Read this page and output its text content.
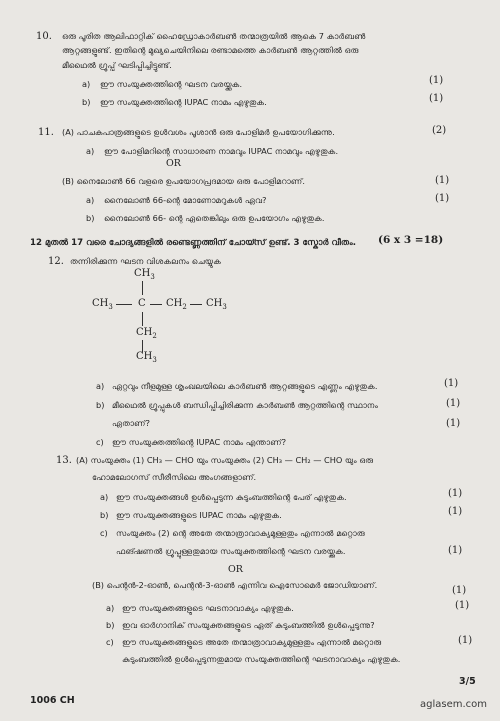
10. ഒരു പൂരിത ആലിഫാറ്റിക് ഹൈഡ്രോകാർബൺ തന്മാത്രയിൽ ആകെ 7 കാർബൺ
ആറ്റങ്ങളുണ്ട്. ഇതിന്റെ മുഖ്യചെയിനിലെ രണ്ടാമത്തെ കാർബൺ ആറ്റത്തിൽ ഒരു
മീഥൈൽ ഗ്രൂപ്പ് ഘടിപ്പിച്ചിട്ടുണ്ട്.
a) ഈ സംയുക്തത്തിന്റെ ഘടന വരയ്ക്കുക.	(1)
b) ഈ സംയുക്തത്തിന്റെ IUPAC നാമം എഴുതുക.	(1)
11. (A) പാചകപാത്രങ്ങളുടെ ഉൾവശം പൂശാൻ ഒരു പോളിമർ ഉപയോഗിക്കുന്നു.	(2)
a) ഈ പോളിമറിന്റെ സാധാരണ നാമവും IUPAC നാമവും എഴുതുക.
OR
(B) നൈലോൺ 66 വളരെ ഉപയോഗപ്രദമായ ഒരു പോളിമറാണ്.
a) നൈലോൺ 66-ന്റെ മോണോമറുകൾ ഏവ?
(1)
b) നൈലോൺ 66- ന്റെ ഏതെങ്കിലും ഒരു ഉപയോഗം എഴുതുക.
(1)
12 മുതൽ 17 വരെ ചോദ്യങ്ങളിൽ രണ്ടെണ്ണത്തിന് ചോയ്സ് ഉണ്ട്. 3 സ്കോർ വീതം. (6 x 3 =18)
12. തന്നിരിക്കുന്ന ഘടന വിശകലനം ചെയ്യുക
$CH_3$
$CH_3$	C $CH_2$ $CH_3$
$CH_2$
$CH_3$
a) ഏറ്റവും നീളമുള്ള ശൃംഖലയിലെ കാർബൺ ആറ്റങ്ങളുടെ എണ്ണം എഴുതുക.	(1)
b) മീഥൈൽ ഗ്രൂപ്പുകൾ ബന്ധിപ്പിച്ചിരിക്കുന്ന കാർബൺ ആറ്റത്തിന്റെ സ്ഥാനം	(1)
ഏതാണ്?
c) ഈ സംയുക്തത്തിന്റെ IUPAC നാമം എന്താണ്?
(1)
13. (A) സംയുക്തം (1) CH₃ — CHO യും സംയുക്തം (2) CH₃ — CH₂ — CHO യും ഒരു
ഹോമലോഗസ് സീരീസിലെ അംഗങ്ങളാണ്.
a) ഈ സംയുക്തങ്ങൾ ഉൾപ്പെടുന്ന കുടുംബത്തിന്റെ പേര് എഴുതുക.	(1)
b) ഈ സംയുക്തങ്ങളുടെ IUPAC നാമം എഴുതുക.	(1)
c) സംയുക്തം (2) ന്റെ അതേ തന്മാത്രാവാക്യമുള്ളതും എന്നാൽ മറ്റൊരു
ഫങ്ഷണൽ ഗ്രൂപ്പുള്ളതുമായ സംയുക്തത്തിന്റെ ഘടന വരയ്ക്കുക.	(1)
OR
(B) പെന്റൻ-2-ഓൺ, പെന്റൻ-3-ഓൺ എന്നിവ ഐസോമെർ ജോഡിയാണ്.
a) ഈ സംയുക്തങ്ങളുടെ ഘടനാവാക്യം എഴുതുക.
(1)
b) ഇവ ഓർഗാനിക് സംയുക്തങ്ങളുടെ ഏത് കുടുംബത്തിൽ ഉൾപ്പെടുന്നു?
(1)
c) ഈ സംയുക്തങ്ങളുടെ അതേ തന്മാത്രാവാക്യമുള്ളതും എന്നാൽ മറ്റൊരു
കുടുംബത്തിൽ ഉൾപ്പെടുന്നതുമായ സംയുക്തത്തിന്റെ ഘടനാവാക്യം എഴുതുക.
(1)
1006 CH
3/5
aglasem.com
